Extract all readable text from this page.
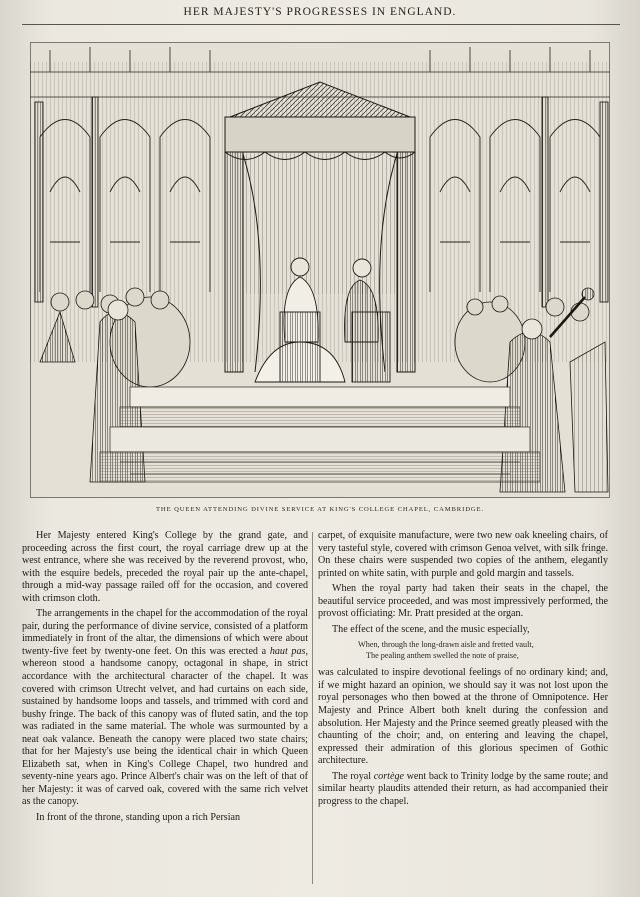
HER MAJESTY'S PROGRESSES IN ENGLAND.
THE QUEEN ATTENDING DIVINE SERVICE AT KING'S COLLEGE CHAPEL, CAMBRIDGE.

Her Majesty entered King's College by the grand gate, and proceeding across the first court, the royal carriage drew up at the west entrance, where she was received by the reverend provost, who, with the esquire bedels, preceded the royal pair up the ante-chapel, through a mid-way passage railed off for the occasion, and covered with crimson cloth.

The arrangements in the chapel for the accommodation of the royal pair, during the performance of divine service, consisted of a platform immediately in front of the altar, the dimensions of which were about twenty-five feet by twenty-one feet. On this was erected a haut pas, whereon stood a handsome canopy, octagonal in shape, in strict accordance with the architectural character of the chapel. It was covered with crimson Utrecht velvet, and had curtains on each side, sustained by handsome loops and tassels, and trimmed with cord and bushy fringe. The back of this canopy was of fluted satin, and the top was radiated in the same material. The whole was surmounted by a neat oak valance. Beneath the canopy were placed two state chairs; that for her Majesty's use being the identical chair in which Queen Elizabeth sat, when in King's College Chapel, two hundred and seventy-nine years ago. Prince Albert's chair was on the left of that of her Majesty: it was of carved oak, covered with the same rich velvet as the canopy.

In front of the throne, standing upon a rich Persian

carpet, of exquisite manufacture, were two new oak kneeling chairs, of very tasteful style, covered with crimson Genoa velvet, with silk fringe. On these chairs were suspended two copies of the anthem, elegantly printed on white satin, with purple and gold margin and tassels.

When the royal party had taken their seats in the chapel, the beautiful service proceeded, and was most impressively performed, the provost officiating: Mr. Pratt presided at the organ.

The effect of the scene, and the music especially,

When, through the long-drawn aisle and fretted vault,
The pealing anthem swelled the note of praise,

was calculated to inspire devotional feelings of no ordinary kind; and, if we might hazard an opinion, we should say it was not lost upon the royal personages who then bowed at the throne of Omnipotence. Her Majesty and Prince Albert both knelt during the confession and absolution. Her Majesty and the Prince seemed greatly pleased with the chaunting of the choir; and, on entering and leaving the chapel, expressed their admiration of this glorious specimen of Gothic architecture.

The royal cortège went back to Trinity lodge by the same route; and similar hearty plaudits attended their return, as had accompanied their progress to the chapel.
